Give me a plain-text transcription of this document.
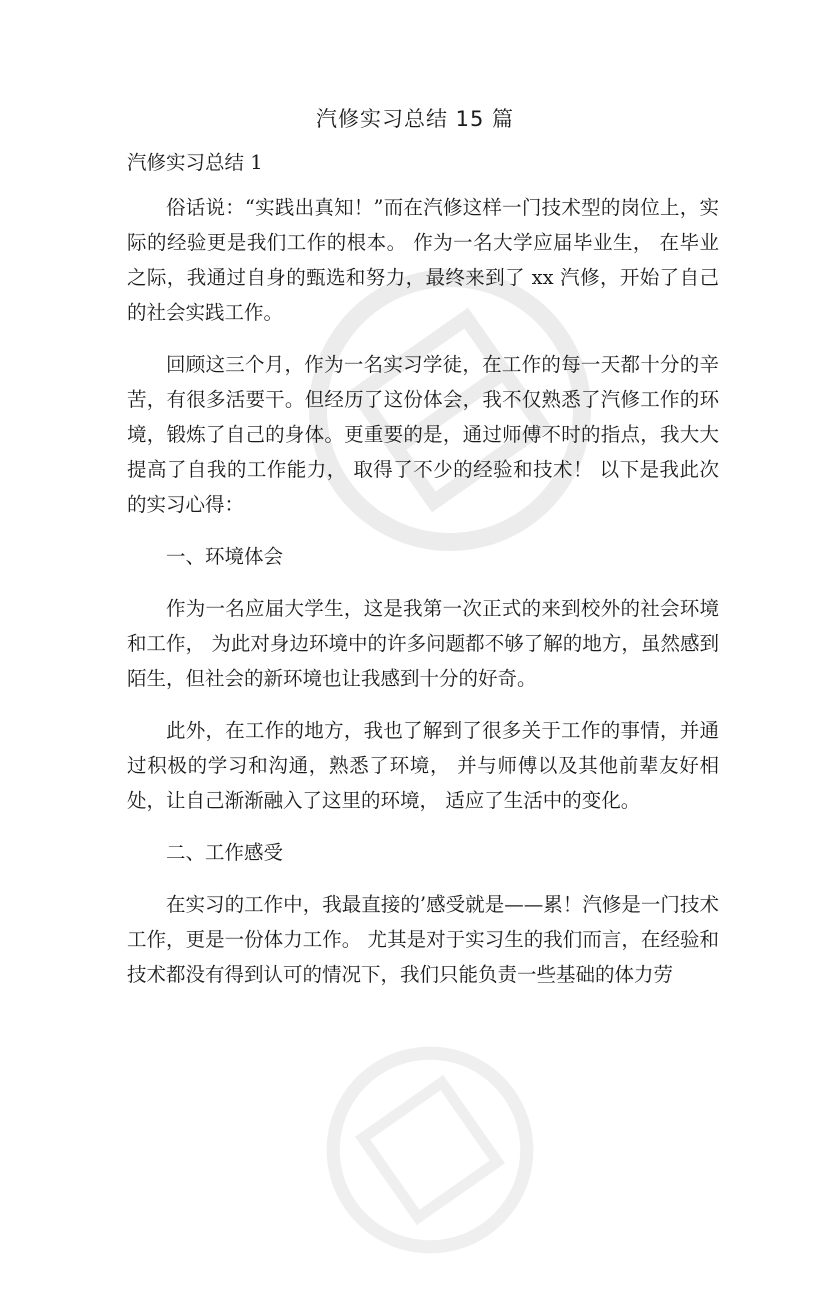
汽修实习总结 15 篇

汽修实习总结 1

俗话说：“实践出真知！”而在汽修这样一门技术型的岗位上，实际的经验更是我们工作的根本。 作为一名大学应届毕业生， 在毕业之际，我通过自身的甄选和努力，最终来到了 xx 汽修，开始了自己的社会实践工作。

回顾这三个月，作为一名实习学徒，在工作的每一天都十分的辛苦，有很多活要干。但经历了这份体会，我不仅熟悉了汽修工作的环境，锻炼了自己的身体。更重要的是，通过师傅不时的指点，我大大提高了自我的工作能力， 取得了不少的经验和技术！ 以下是我此次的实习心得：

一、环境体会

作为一名应届大学生，这是我第一次正式的来到校外的社会环境和工作， 为此对身边环境中的许多问题都不够了解的地方，虽然感到陌生，但社会的新环境也让我感到十分的好奇。

此外，在工作的地方，我也了解到了很多关于工作的事情，并通过积极的学习和沟通，熟悉了环境， 并与师傅以及其他前辈友好相处，让自己渐渐融入了这里的环境， 适应了生活中的变化。

二、工作感受

在实习的工作中，我最直接的’感受就是——累！汽修是一门技术工作，更是一份体力工作。 尤其是对于实习生的我们而言，在经验和技术都没有得到认可的情况下，我们只能负责一些基础的体力劳
